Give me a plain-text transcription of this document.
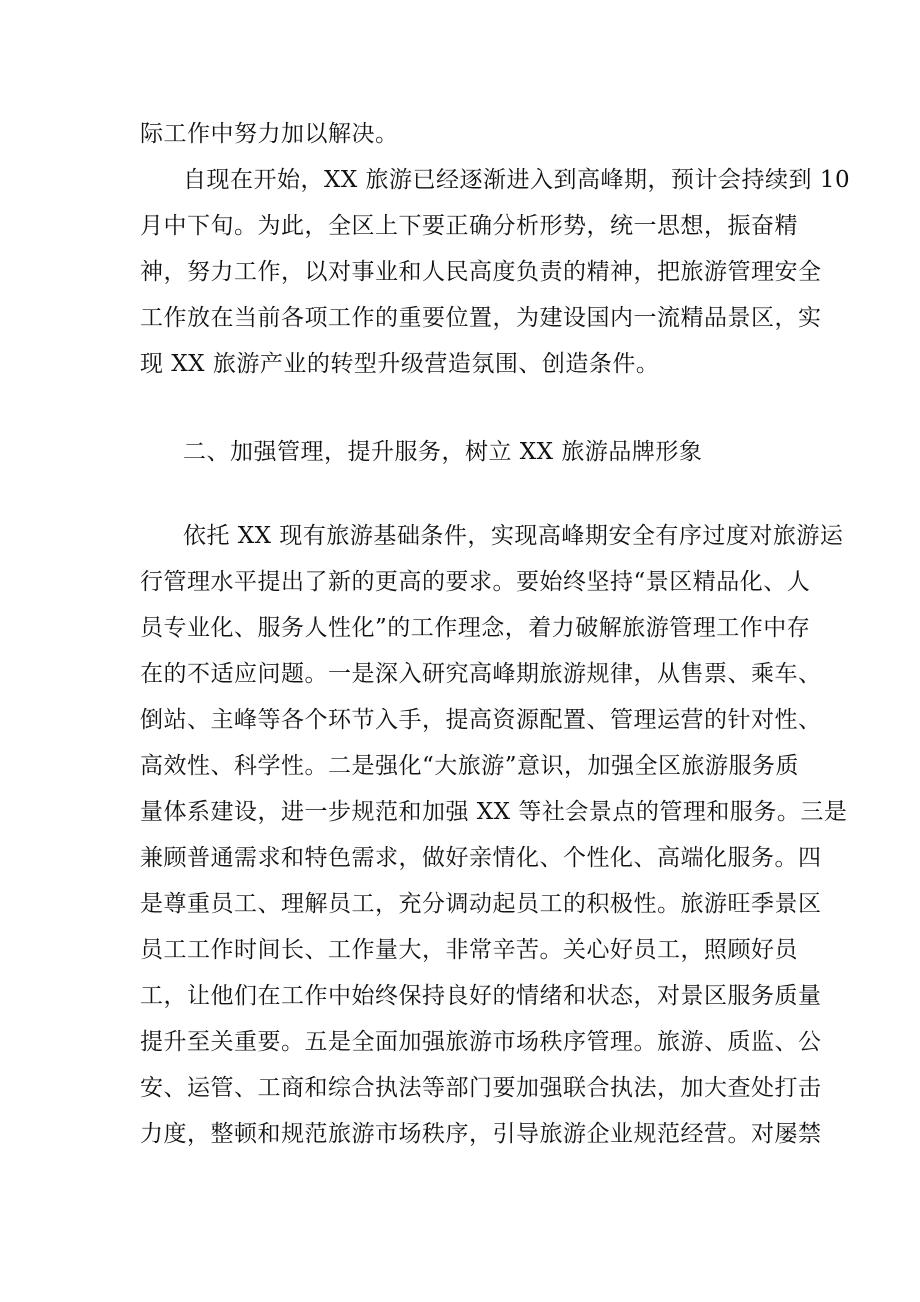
际工作中努力加以解决。
自现在开始，XX 旅游已经逐渐进入到高峰期，预计会持续到 10
月中下旬。为此，全区上下要正确分析形势，统一思想，振奋精
神，努力工作，以对事业和人民高度负责的精神，把旅游管理安全
工作放在当前各项工作的重要位置，为建设国内一流精品景区，实
现 XX 旅游产业的转型升级营造氛围、创造条件。
二、加强管理，提升服务，树立 XX 旅游品牌形象
依托 XX 现有旅游基础条件，实现高峰期安全有序过度对旅游运
行管理水平提出了新的更高的要求。要始终坚持“景区精品化、人
员专业化、服务人性化”的工作理念，着力破解旅游管理工作中存
在的不适应问题。一是深入研究高峰期旅游规律，从售票、乘车、
倒站、主峰等各个环节入手，提高资源配置、管理运营的针对性、
高效性、科学性。二是强化“大旅游”意识，加强全区旅游服务质
量体系建设，进一步规范和加强 XX 等社会景点的管理和服务。三是
兼顾普通需求和特色需求，做好亲情化、个性化、高端化服务。四
是尊重员工、理解员工，充分调动起员工的积极性。旅游旺季景区
员工工作时间长、工作量大，非常辛苦。关心好员工，照顾好员
工，让他们在工作中始终保持良好的情绪和状态，对景区服务质量
提升至关重要。五是全面加强旅游市场秩序管理。旅游、质监、公
安、运管、工商和综合执法等部门要加强联合执法，加大查处打击
力度，整顿和规范旅游市场秩序，引导旅游企业规范经营。对屡禁
